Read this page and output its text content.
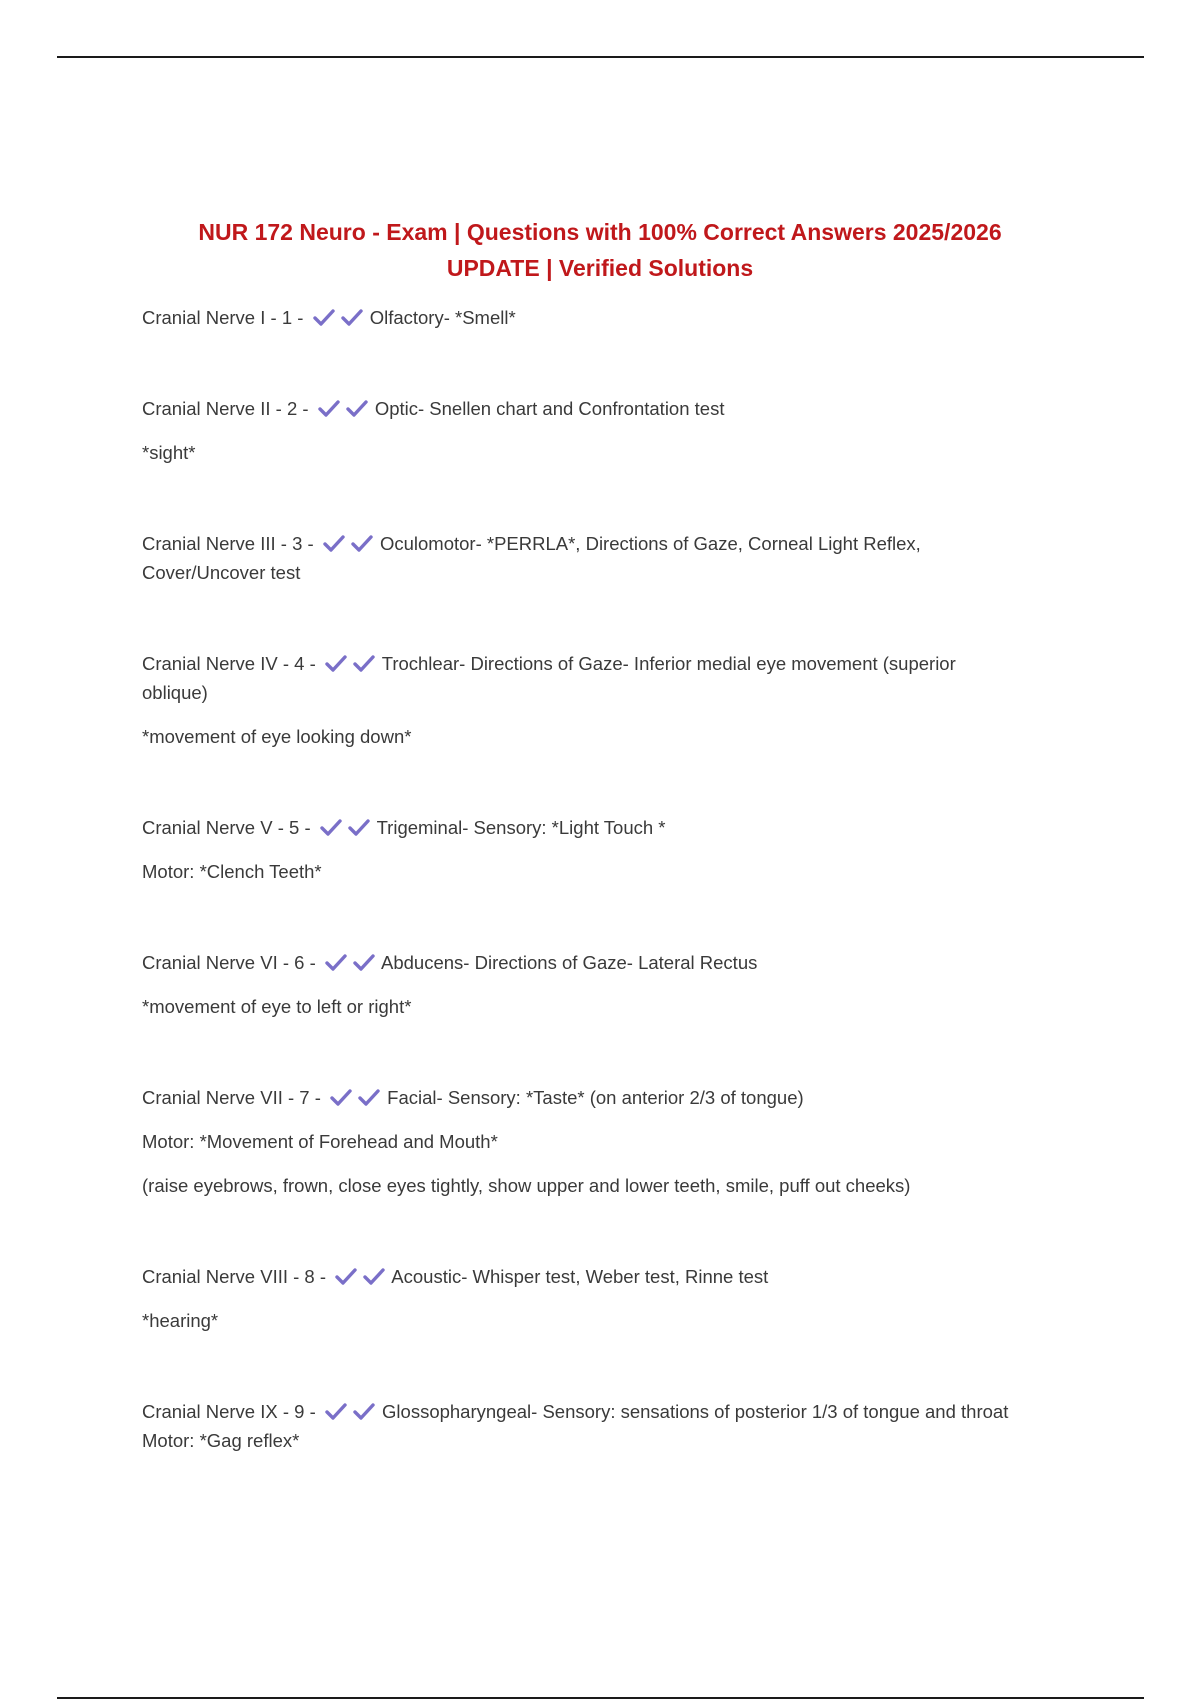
NUR 172 Neuro - Exam | Questions with 100% Correct Answers 2025/2026
UPDATE | Verified Solutions
Cranial Nerve I - 1 -	Olfactory- *Smell*
Cranial Nerve II - 2 -	Optic- Snellen chart and Confrontation test
*sight*
Cranial Nerve III - 3 -	Oculomotor- *PERRLA*, Directions of Gaze, Corneal Light Reflex,
Cover/Uncover test
Cranial Nerve IV - 4 -	Trochlear- Directions of Gaze- Inferior medial eye movement (superior
oblique)
*movement of eye looking down*
Cranial Nerve V - 5 -	Trigeminal- Sensory: *Light Touch *
Motor: *Clench Teeth*
Cranial Nerve VI - 6 -	Abducens- Directions of Gaze- Lateral Rectus
*movement of eye to left or right*
Cranial Nerve VII - 7 -	Facial- Sensory: *Taste* (on anterior 2/3 of tongue)
Motor: *Movement of Forehead and Mouth*
(raise eyebrows, frown, close eyes tightly, show upper and lower teeth, smile, puff out cheeks)
Cranial Nerve VIII - 8 -	Acoustic- Whisper test, Weber test, Rinne test
*hearing*
Cranial Nerve IX - 9 -	Glossopharyngeal- Sensory: sensations of posterior 1/3 of tongue and throat
Motor: *Gag reflex*
